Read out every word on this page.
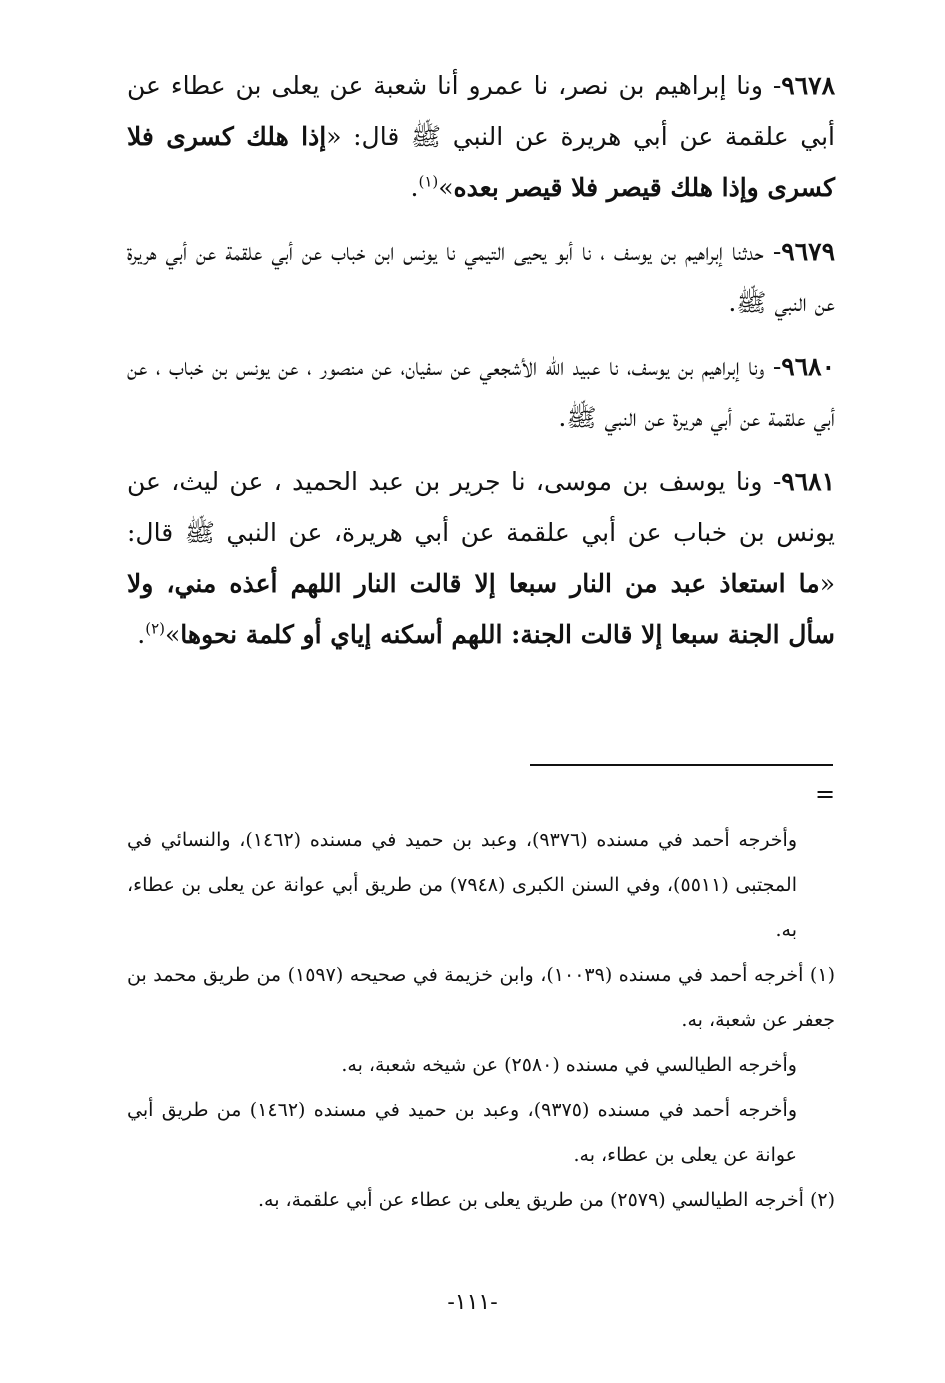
٩٦٧٨- ونا إبراهيم بن نصر، نا عمرو أنا شعبة عن يعلى بن عطاء عن أبي علقمة عن أبي هريرة عن النبي ﷺ قال: «إذا هلك كسرى فلا كسرى وإذا هلك قيصر فلا قيصر بعده»$^{(١)}$.

٩٦٧٩- حدثنا إبراهيم بن يوسف ، نا أبو يحيى التيمي نا يونس ابن خباب عن أبي علقمة عن أبي هريرة عن النبي ﷺ.

٩٦٨٠- ونا إبراهيم بن يوسف، نا عبيد الله الأشجعي عن سفيان، عن منصور ، عن يونس بن خباب ، عن أبي علقمة عن أبي هريرة عن النبي ﷺ.

٩٦٨١- ونا يوسف بن موسى، نا جرير بن عبد الحميد ، عن ليث، عن يونس بن خباب عن أبي علقمة عن أبي هريرة، عن النبي ﷺ قال: «ما استعاذ عبد من النار سبعا إلا قالت النار اللهم أعذه مني، ولا سأل الجنة سبعا إلا قالت الجنة: اللهم أسكنه إياي أو كلمة نحوها»$^{(٢)}$.

=

وأخرجه أحمد في مسنده (٩٣٧٦)، وعبد بن حميد في مسنده (١٤٦٢)، والنسائي في المجتبى (٥٥١١)، وفي السنن الكبرى (٧٩٤٨) من طريق أبي عوانة عن يعلى بن عطاء، به.

(١) أخرجه أحمد في مسنده (١٠٠٣٩)، وابن خزيمة في صحيحه (١٥٩٧) من طريق محمد بن جعفر عن شعبة، به.

وأخرجه الطيالسي في مسنده (٢٥٨٠) عن شيخه شعبة، به.

وأخرجه أحمد في مسنده (٩٣٧٥)، وعبد بن حميد في مسنده (١٤٦٢) من طريق أبي عوانة عن يعلى بن عطاء، به.

(٢) أخرجه الطيالسي (٢٥٧٩) من طريق يعلى بن عطاء عن أبي علقمة، به.

-١١١-
